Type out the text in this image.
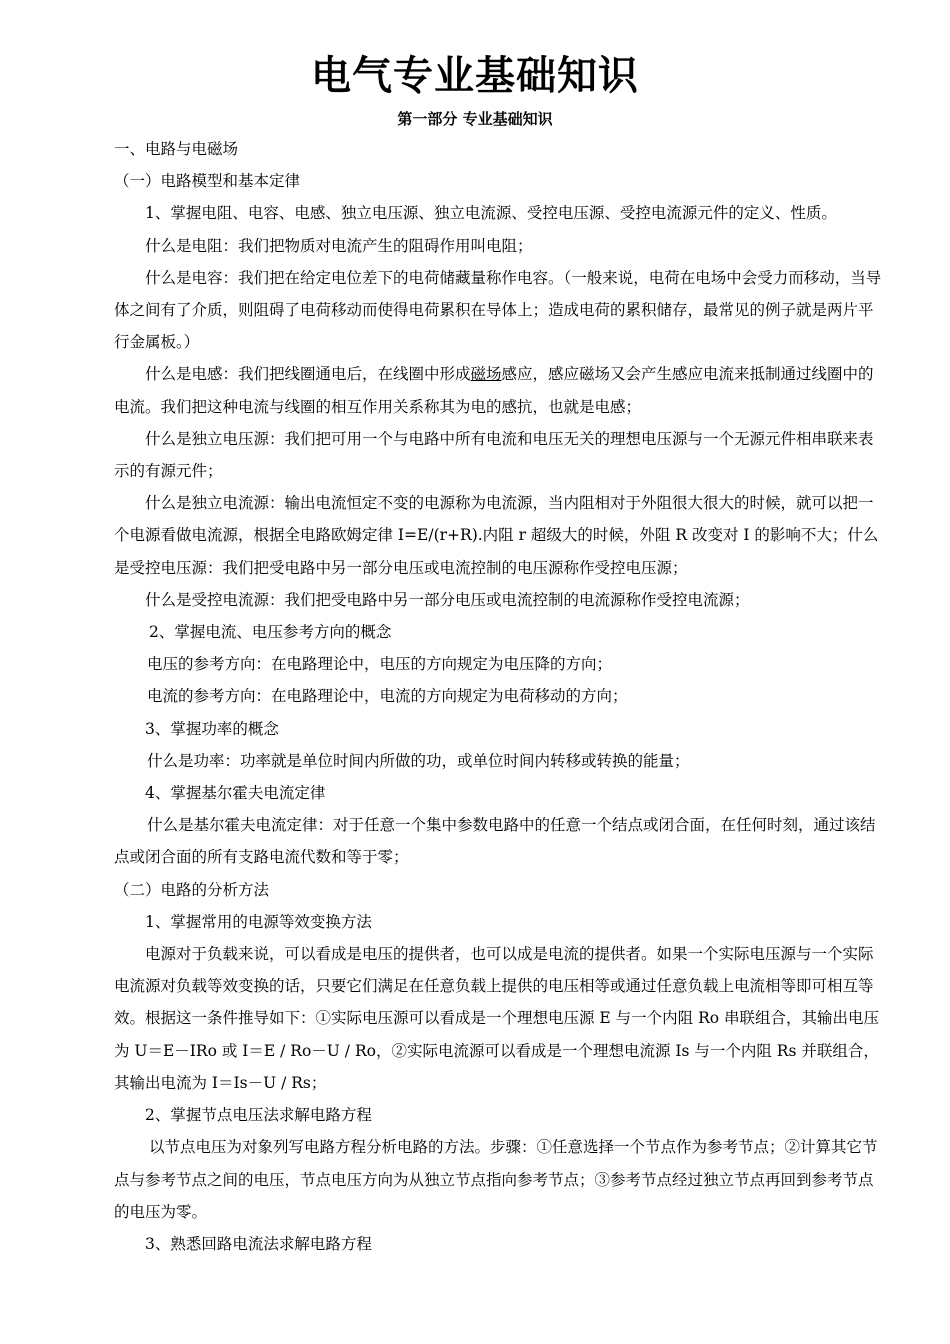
电气专业基础知识
第一部分 专业基础知识

一、电路与电磁场

（一）电路模型和基本定律

1、掌握电阻、电容、电感、独立电压源、独立电流源、受控电压源、受控电流源元件的定义、性质。

什么是电阻：我们把物质对电流产生的阻碍作用叫电阻；

什么是电容：我们把在给定电位差下的电荷储藏量称作电容。（一般来说，电荷在电场中会受力而移动，当导体之间有了介质，则阻碍了电荷移动而使得电荷累积在导体上；造成电荷的累积储存，最常见的例子就是两片平行金属板。）

什么是电感：我们把线圈通电后，在线圈中形成磁场感应，感应磁场又会产生感应电流来抵制通过线圈中的电流。我们把这种电流与线圈的相互作用关系称其为电的感抗，也就是电感；

什么是独立电压源：我们把可用一个与电路中所有电流和电压无关的理想电压源与一个无源元件相串联来表示的有源元件；

什么是独立电流源：输出电流恒定不变的电源称为电流源，当内阻相对于外阻很大很大的时候，就可以把一个电源看做电流源，根据全电路欧姆定律 I=E/(r+R).内阻 r 超级大的时候，外阻 R 改变对 I 的影响不大；什么是受控电压源：我们把受电路中另一部分电压或电流控制的电压源称作受控电压源；

什么是受控电流源：我们把受电路中另一部分电压或电流控制的电流源称作受控电流源；

2、掌握电流、电压参考方向的概念

电压的参考方向：在电路理论中，电压的方向规定为电压降的方向；

电流的参考方向：在电路理论中，电流的方向规定为电荷移动的方向；

3、掌握功率的概念

什么是功率：功率就是单位时间内所做的功，或单位时间内转移或转换的能量；

4、掌握基尔霍夫电流定律

什么是基尔霍夫电流定律：对于任意一个集中参数电路中的任意一个结点或闭合面，在任何时刻，通过该结点或闭合面的所有支路电流代数和等于零；

（二）电路的分析方法

1、掌握常用的电源等效变换方法

电源对于负载来说，可以看成是电压的提供者，也可以成是电流的提供者。如果一个实际电压源与一个实际电流源对负载等效变换的话，只要它们满足在任意负载上提供的电压相等或通过任意负载上电流相等即可相互等效。根据这一条件推导如下：①实际电压源可以看成是一个理想电压源 E 与一个内阻 Ro 串联组合，其输出电压为 U＝E－IRo 或 I＝E / Ro－U / Ro，②实际电流源可以看成是一个理想电流源 Is 与一个内阻 Rs 并联组合，其输出电流为 I＝Is－U / Rs；

2、掌握节点电压法求解电路方程

以节点电压为对象列写电路方程分析电路的方法。步骤：①任意选择一个节点作为参考节点；②计算其它节点与参考节点之间的电压，节点电压方向为从独立节点指向参考节点；③参考节点经过独立节点再回到参考节点的电压为零。

3、熟悉回路电流法求解电路方程
